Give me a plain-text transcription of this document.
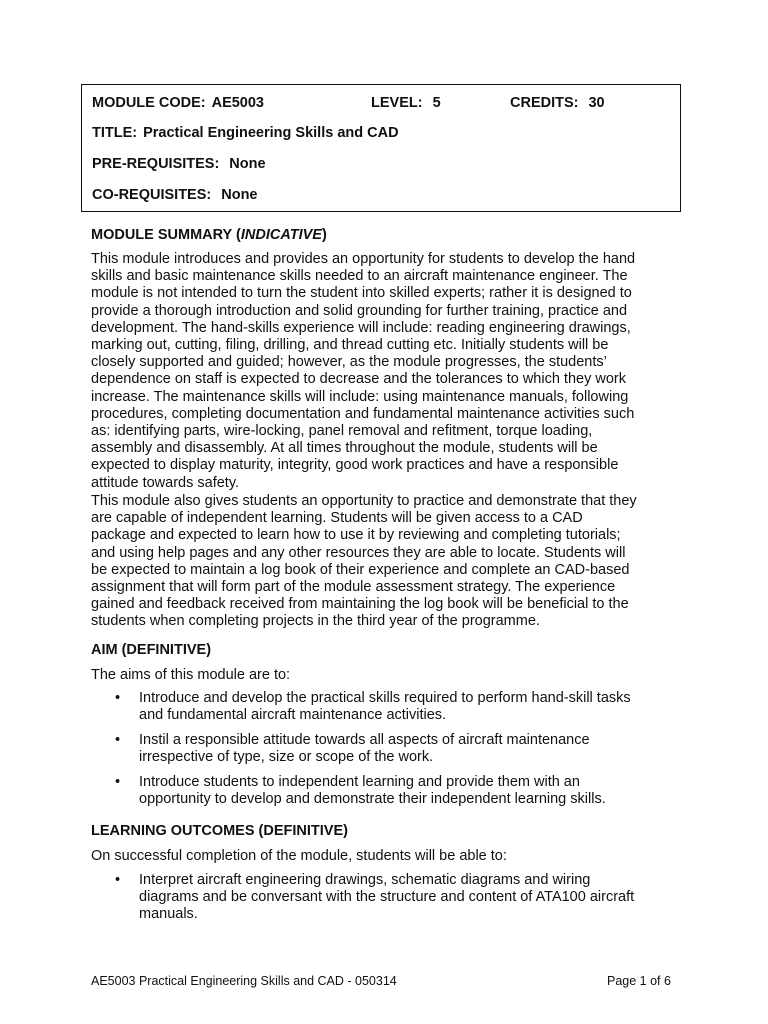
MODULE CODE: AE5003	LEVEL: 5	CREDITS: 30
TITLE: Practical Engineering Skills and CAD
PRE-REQUISITES: None
CO-REQUISITES: None
MODULE SUMMARY (INDICATIVE)
This module introduces and provides an opportunity for students to develop the hand
skills and basic maintenance skills needed to an aircraft maintenance engineer. The
module is not intended to turn the student into skilled experts; rather it is designed to
provide a thorough introduction and solid grounding for further training, practice and
development. The hand-skills experience will include: reading engineering drawings,
marking out, cutting, filing, drilling, and thread cutting etc. Initially students will be
closely supported and guided; however, as the module progresses, the students’
dependence on staff is expected to decrease and the tolerances to which they work
increase. The maintenance skills will include: using maintenance manuals, following
procedures, completing documentation and fundamental maintenance activities such
as: identifying parts, wire-locking, panel removal and refitment, torque loading,
assembly and disassembly. At all times throughout the module, students will be
expected to display maturity, integrity, good work practices and have a responsible
attitude towards safety.
This module also gives students an opportunity to practice and demonstrate that they
are capable of independent learning. Students will be given access to a CAD
package and expected to learn how to use it by reviewing and completing tutorials;
and using help pages and any other resources they are able to locate. Students will
be expected to maintain a log book of their experience and complete an CAD-based
assignment that will form part of the module assessment strategy. The experience
gained and feedback received from maintaining the log book will be beneficial to the
students when completing projects in the third year of the programme.
AIM (DEFINITIVE)
The aims of this module are to:
• Introduce and develop the practical skills required to perform hand-skill tasks
and fundamental aircraft maintenance activities.
• Instil a responsible attitude towards all aspects of aircraft maintenance
irrespective of type, size or scope of the work.
• Introduce students to independent learning and provide them with an
opportunity to develop and demonstrate their independent learning skills.
LEARNING OUTCOMES (DEFINITIVE)
On successful completion of the module, students will be able to:
• Interpret aircraft engineering drawings, schematic diagrams and wiring
diagrams and be conversant with the structure and content of ATA100 aircraft
manuals.
AE5003 Practical Engineering Skills and CAD - 050314	Page 1 of 6
